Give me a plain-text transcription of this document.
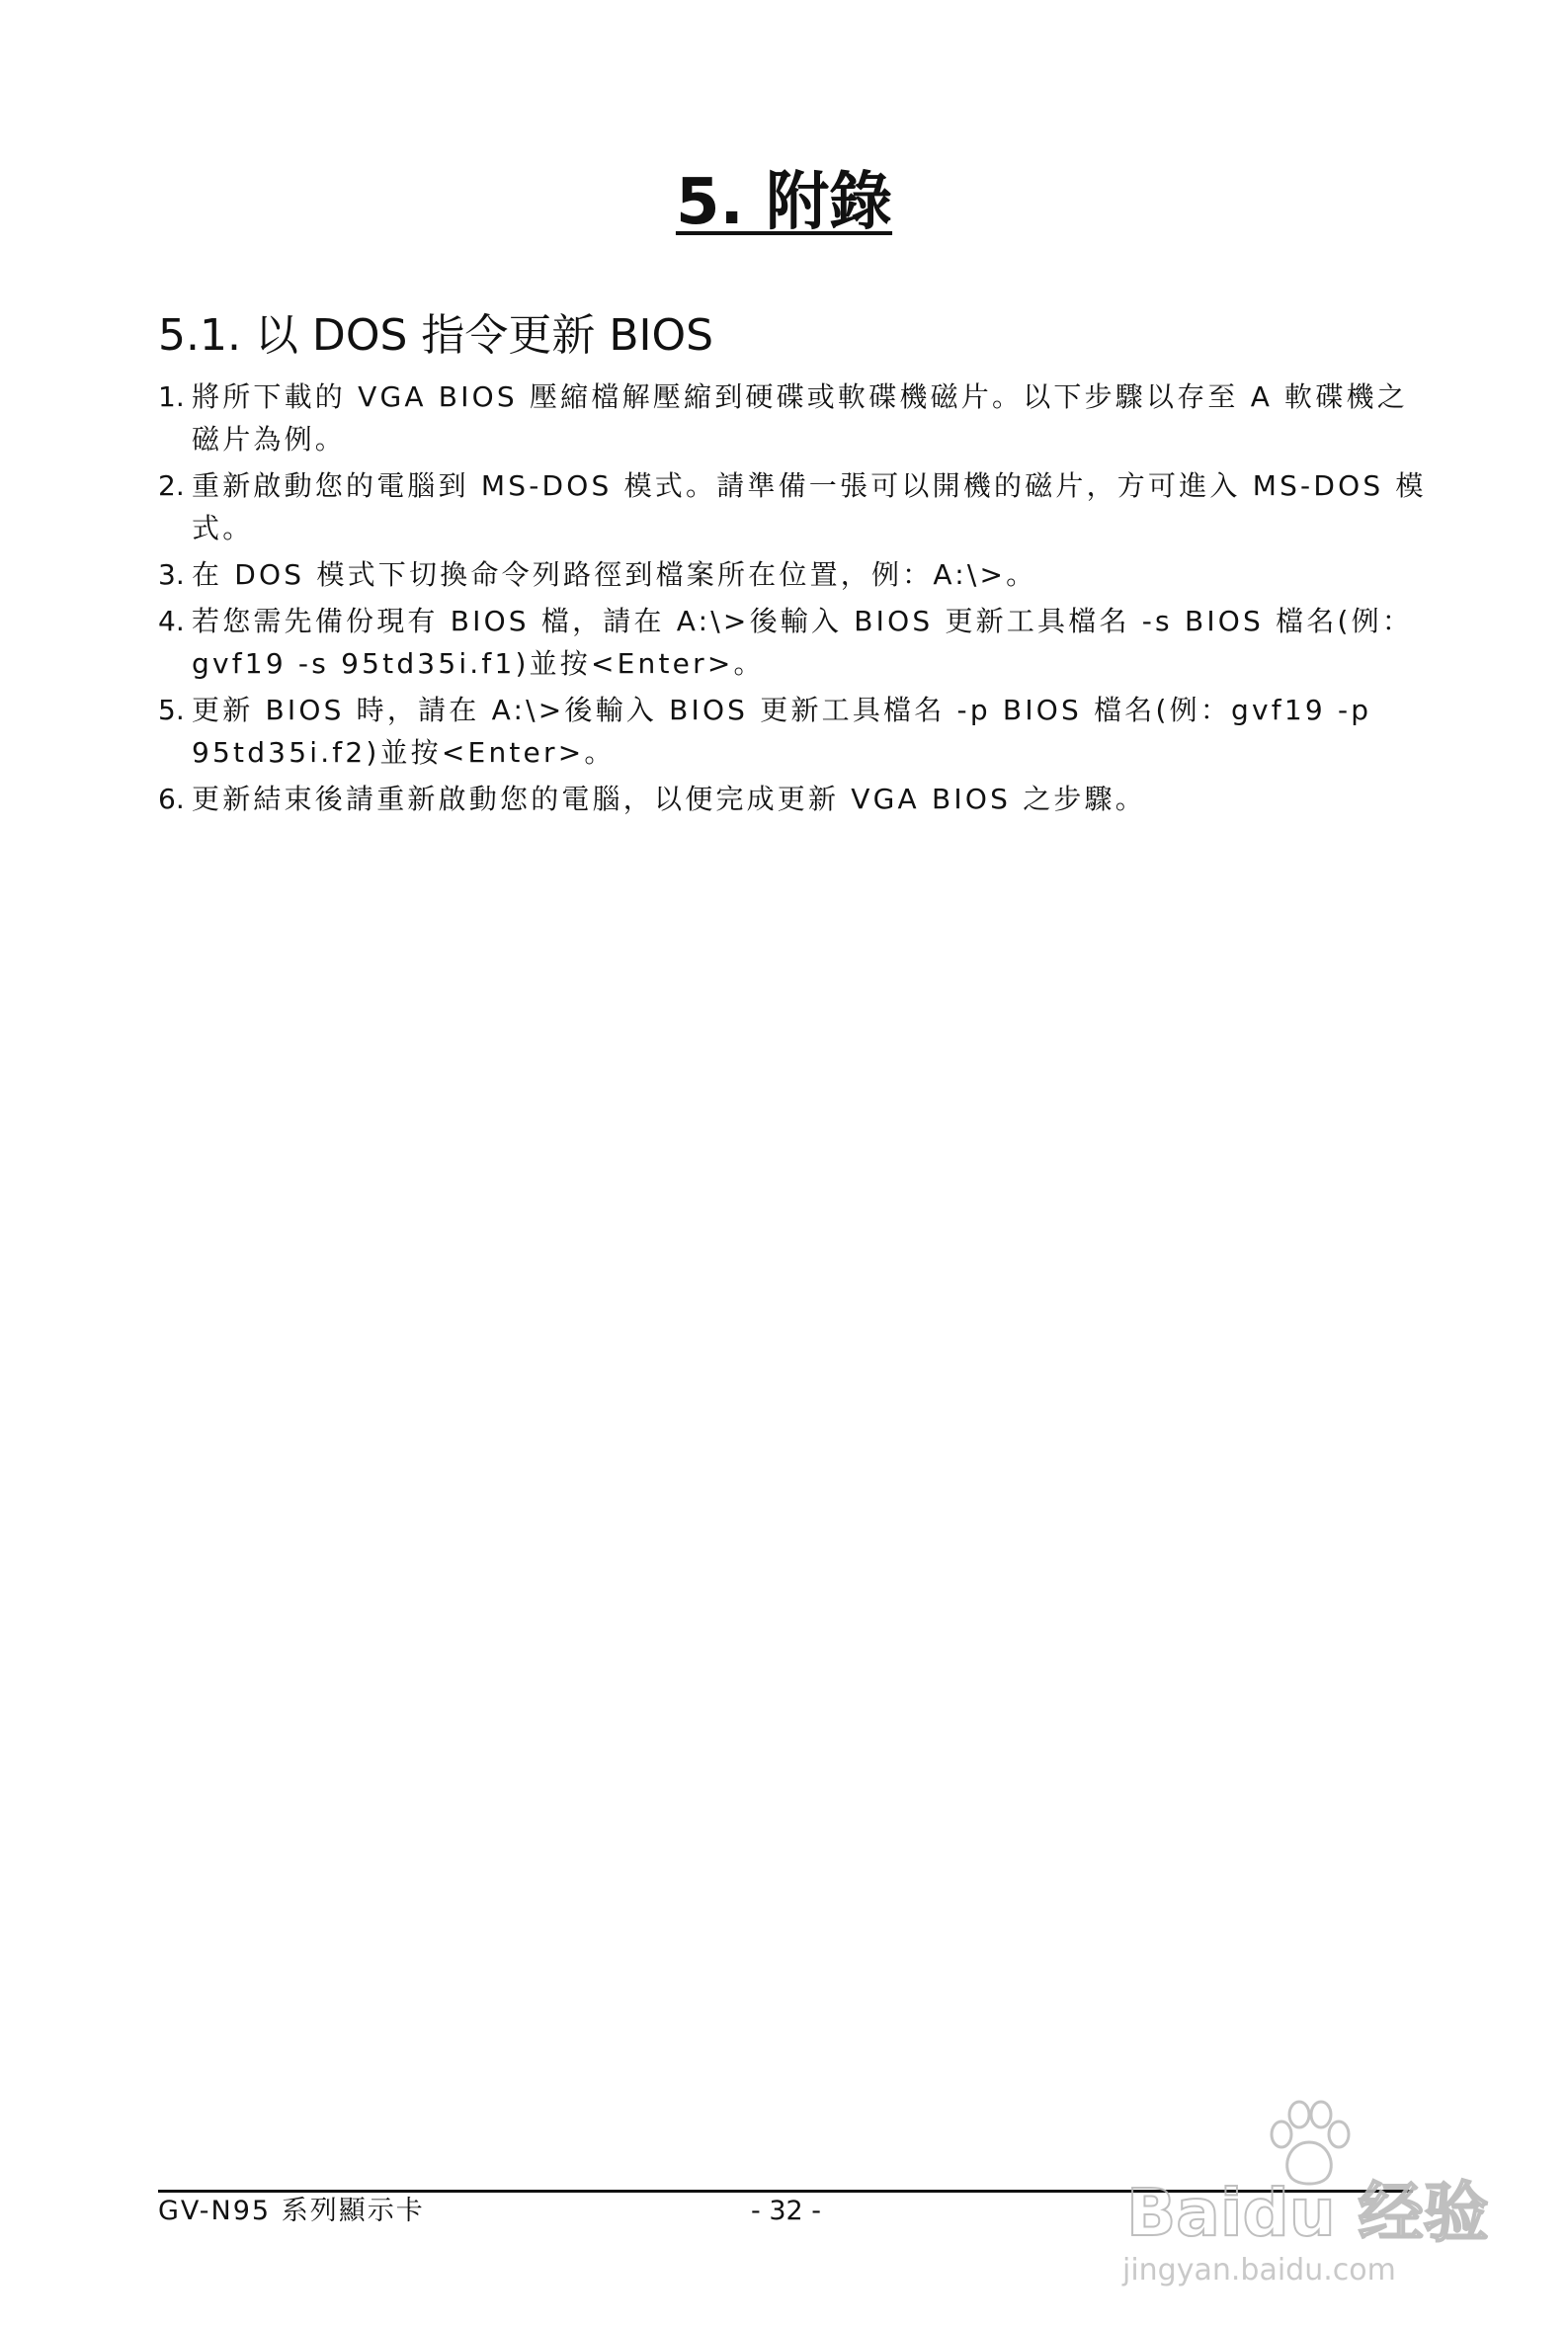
5. 附錄
5.1. 以 DOS 指令更新 BIOS
1. 將所下載的 VGA BIOS 壓縮檔解壓縮到硬碟或軟碟機磁片。以下步驟以存至 A 軟碟機之磁片為例。
2. 重新啟動您的電腦到 MS-DOS 模式。請準備一張可以開機的磁片，方可進入 MS-DOS 模式。
3. 在 DOS 模式下切換命令列路徑到檔案所在位置，例：A:\>。
4. 若您需先備份現有 BIOS 檔，請在 A:\>後輸入 BIOS 更新工具檔名 -s BIOS 檔名(例：gvf19 -s 95td35i.f1)並按<Enter>。
5. 更新 BIOS 時，請在 A:\>後輸入 BIOS 更新工具檔名 -p BIOS 檔名(例：gvf19 -p 95td35i.f2)並按<Enter>。
6. 更新結束後請重新啟動您的電腦，以便完成更新 VGA BIOS 之步驟。
GV-N95 系列顯示卡	- 32 -	Baidu 经验
jingyan.baidu.com
